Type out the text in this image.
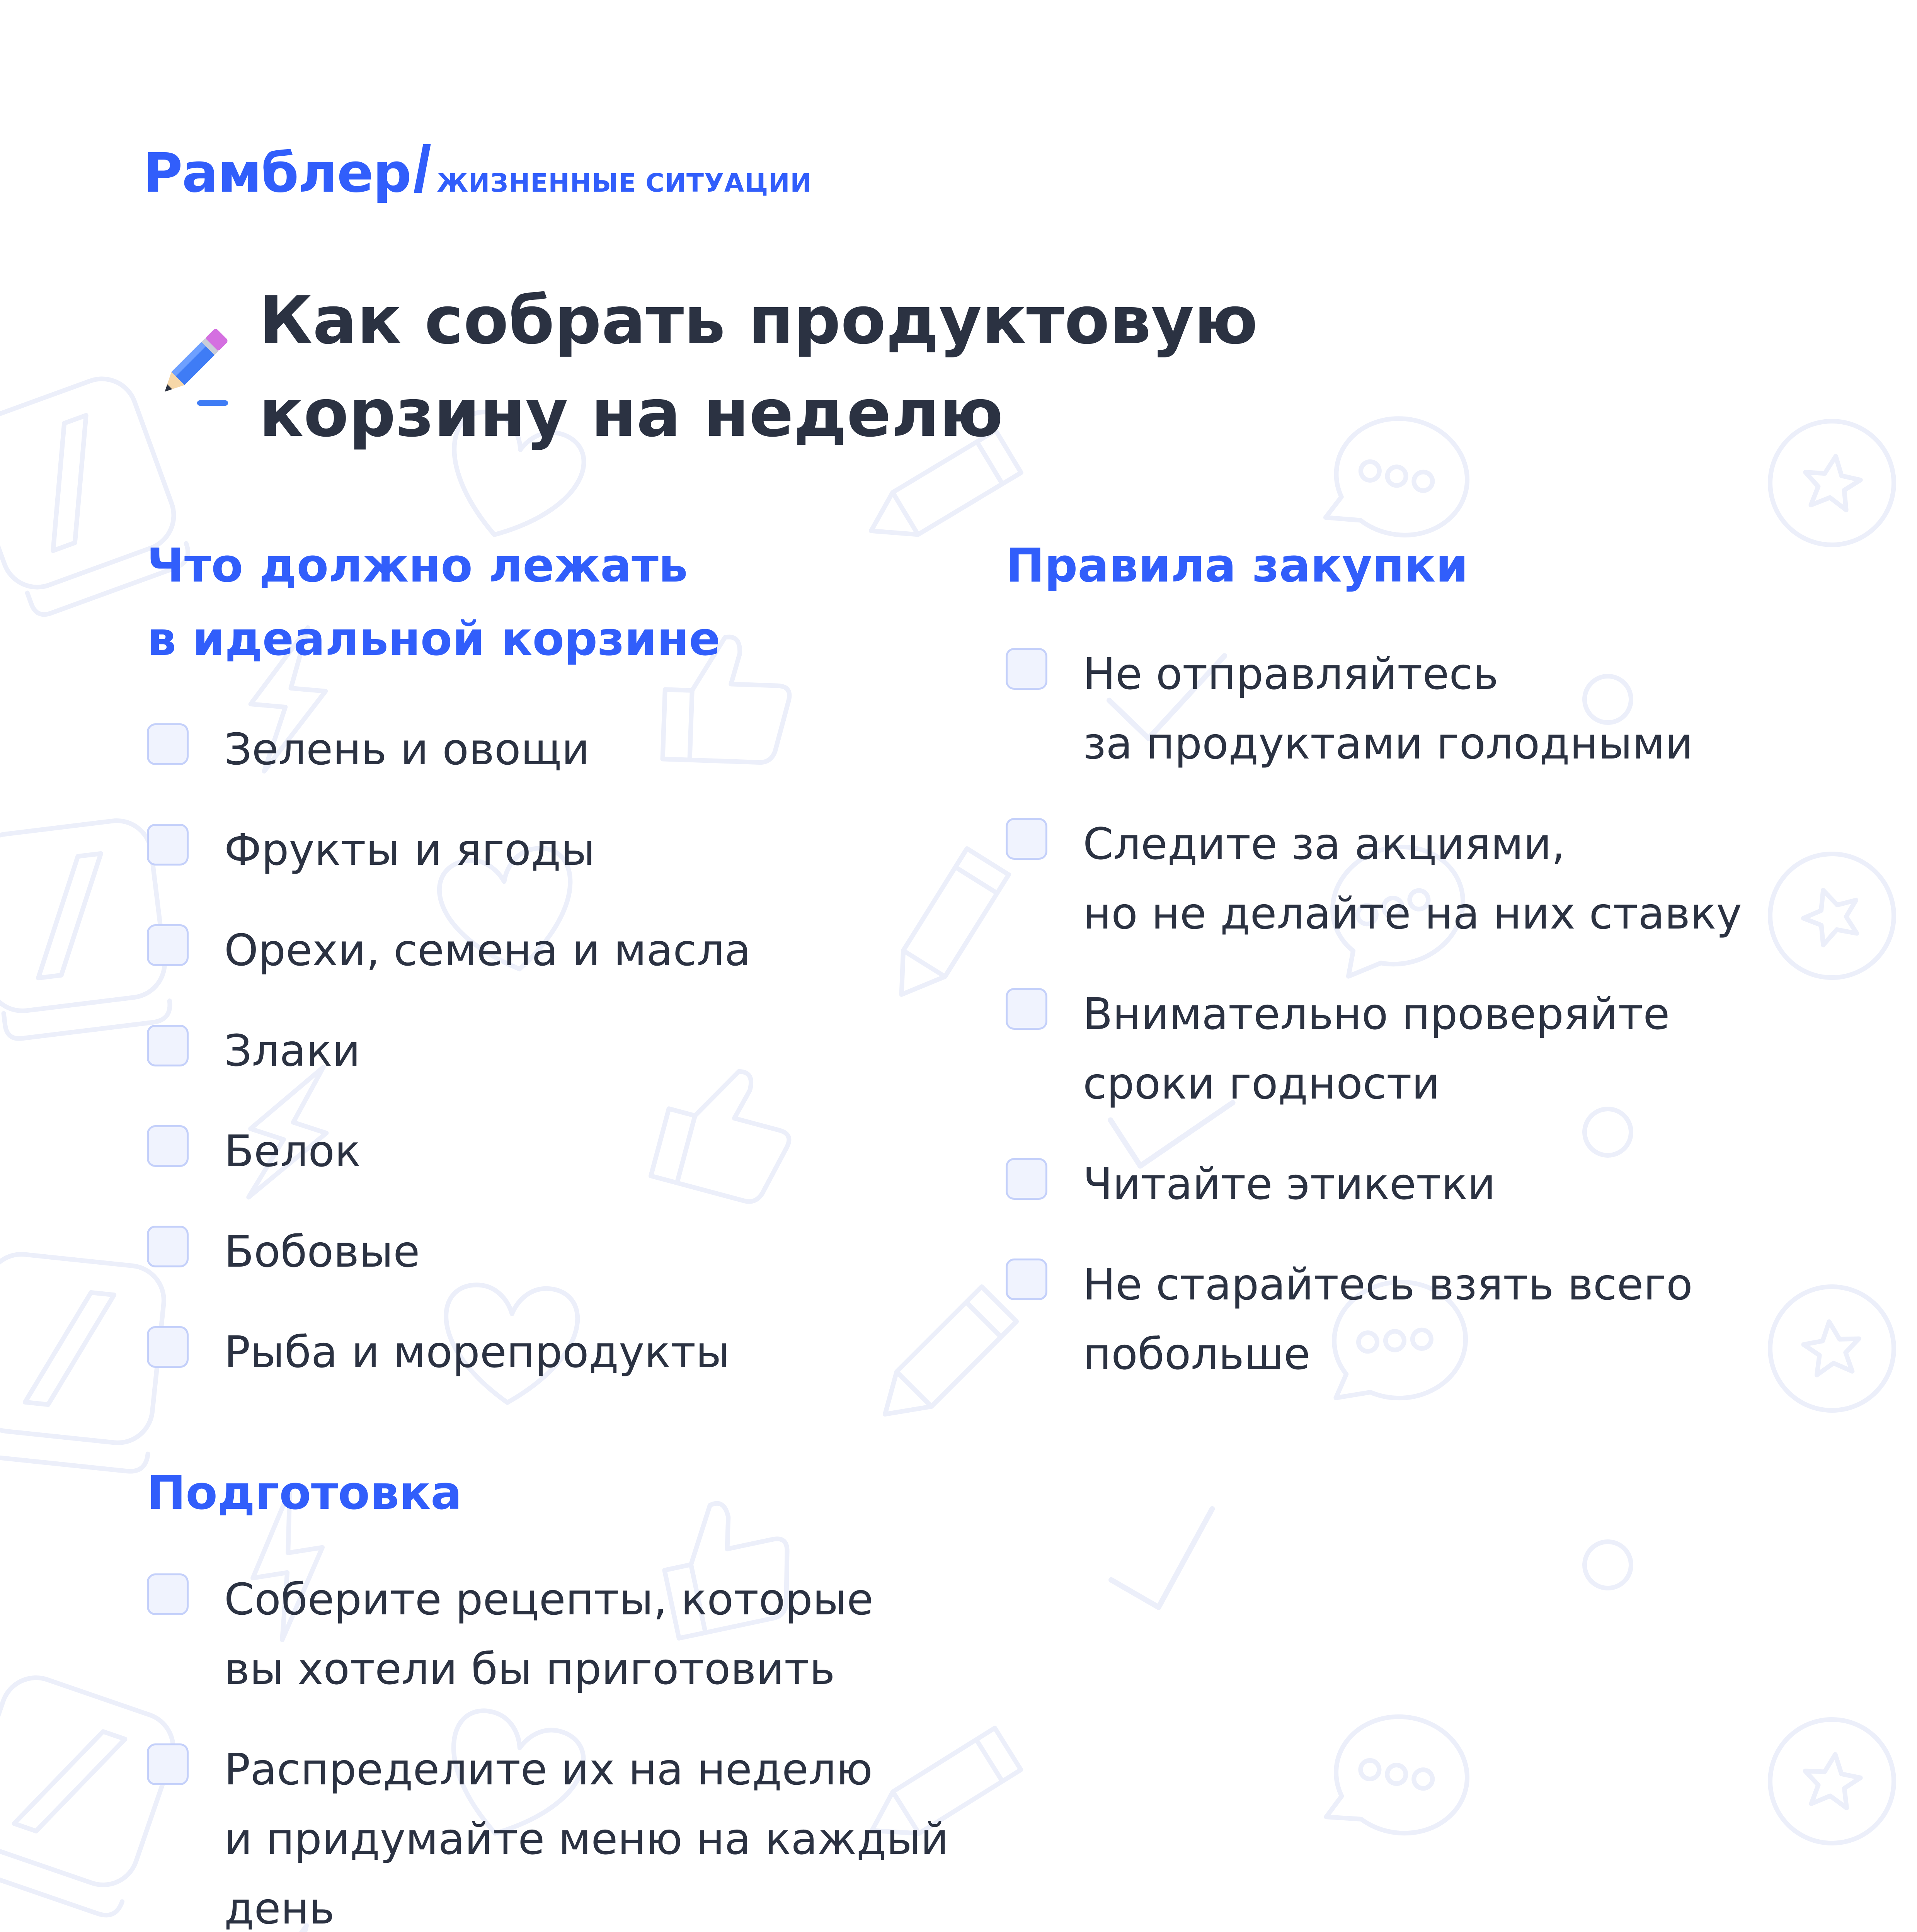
Рамблер / ЖИЗНЕННЫЕ СИТУАЦИИ
Как собрать продуктовую
корзину на неделю
Что должно лежать
в идеальной корзине
Зелень и овощи
Фрукты и ягоды
Орехи, семена и масла
Злаки
Белок
Бобовые
Рыба и морепродукты
Правила закупки
Не отправляйтесь
за продуктами голодными
Следите за акциями,
но не делайте на них ставку
Внимательно проверяйте
сроки годности
Читайте этикетки
Не старайтесь взять всего
побольше
Подготовка
Соберите рецепты, которые
вы хотели бы приготовить
Распределите их на неделю
и придумайте меню на каждый
день
